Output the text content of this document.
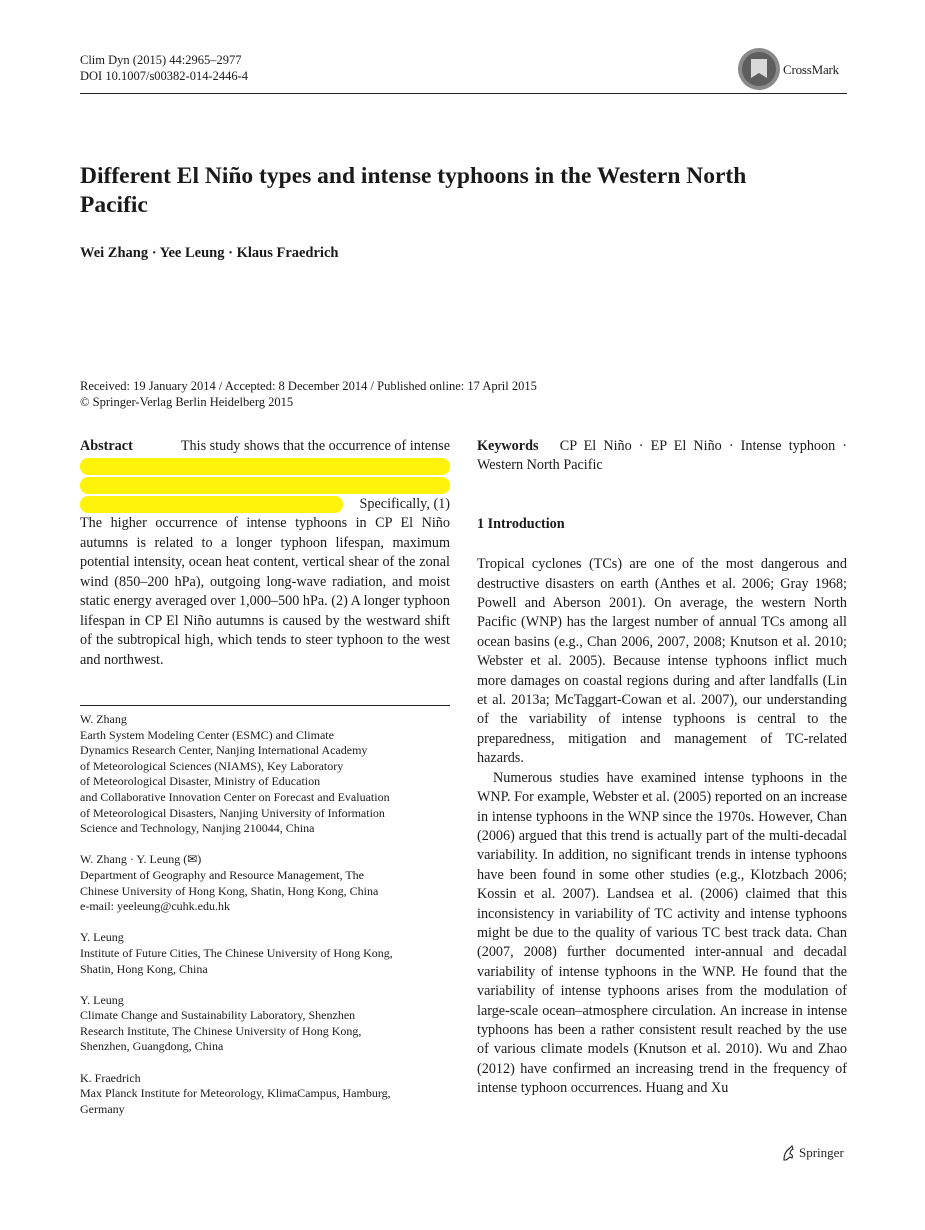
Clim Dyn (2015) 44:2965–2977
DOI 10.1007/s00382-014-2446-4	CrossMark
Different El Niño types and intense typhoons in the Western North Pacific
Wei Zhang · Yee Leung · Klaus Fraedrich
Received: 19 January 2014 / Accepted: 8 December 2014 / Published online: 17 April 2015
© Springer-Verlag Berlin Heidelberg 2015
Abstract	This study shows that the occurrence of intense
Specifically, (1)
The higher occurrence of intense typhoons in CP El Niño autumns is related to a longer typhoon lifespan, maximum potential intensity, ocean heat content, vertical shear of the zonal wind (850–200 hPa), outgoing long-wave radiation, and moist static energy averaged over 1,000–500 hPa. (2) A longer typhoon lifespan in CP El Niño autumns is caused by the westward shift of the subtropical high, which tends to steer typhoon to the west and northwest.
W. Zhang
Earth System Modeling Center (ESMC) and Climate
Dynamics Research Center, Nanjing International Academy
of Meteorological Sciences (NIAMS), Key Laboratory
of Meteorological Disaster, Ministry of Education
and Collaborative Innovation Center on Forecast and Evaluation
of Meteorological Disasters, Nanjing University of Information
Science and Technology, Nanjing 210044, China
W. Zhang · Y. Leung (✉)
Department of Geography and Resource Management, The
Chinese University of Hong Kong, Shatin, Hong Kong, China
e-mail: yeeleung@cuhk.edu.hk
Y. Leung
Institute of Future Cities, The Chinese University of Hong Kong,
Shatin, Hong Kong, China
Y. Leung
Climate Change and Sustainability Laboratory, Shenzhen
Research Institute, The Chinese University of Hong Kong,
Shenzhen, Guangdong, China
K. Fraedrich
Max Planck Institute for Meteorology, KlimaCampus, Hamburg,
Germany

Keywords CP El Niño · EP El Niño · Intense typhoon · Western North Pacific

1 Introduction

Tropical cyclones (TCs) are one of the most dangerous and destructive disasters on earth (Anthes et al. 2006; Gray 1968; Powell and Aberson 2001). On average, the western North Pacific (WNP) has the largest number of annual TCs among all ocean basins (e.g., Chan 2006, 2007, 2008; Knutson et al. 2010; Webster et al. 2005). Because intense typhoons inflict much more damages on coastal regions during and after landfalls (Lin et al. 2013a; McTaggart-Cowan et al. 2007), our understanding of the variability of intense typhoons is central to the preparedness, mitigation and management of TC-related hazards.

Numerous studies have examined intense typhoons in the WNP. For example, Webster et al. (2005) reported on an increase in intense typhoons in the WNP since the 1970s. However, Chan (2006) argued that this trend is actually part of the multi-decadal variability. In addition, no significant trends in intense typhoons have been found in some other studies (e.g., Klotzbach 2006; Kossin et al. 2007). Landsea et al. (2006) claimed that this inconsistency in variability of TC activity and intense typhoons might be due to the quality of various TC best track data. Chan (2007, 2008) further documented inter-annual and decadal variability of intense typhoons in the WNP. He found that the variability of intense typhoons arises from the modulation of large-scale ocean–atmosphere circulation. An increase in intense typhoons has been a rather consistent result reached by the use of various climate models (Knutson et al. 2010). Wu and Zhao (2012) have confirmed an increasing trend in the frequency of intense typhoon occurrences. Huang and Xu

Springer
